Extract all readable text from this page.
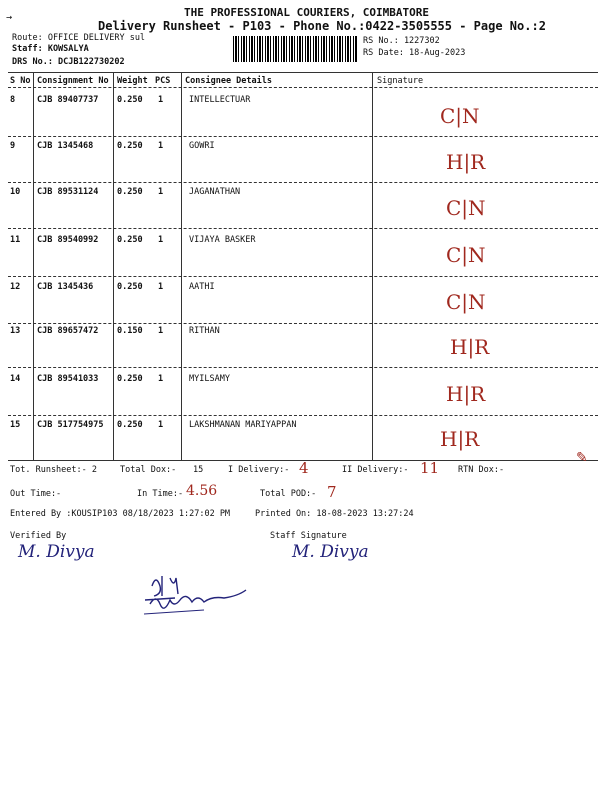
→	THE PROFESSIONAL COURIERS, COIMBATORE
Delivery Runsheet - P103 - Phone No.:0422-3505555 - Page No.:2
Route: OFFICE DELIVERY sul
Staff: KOWSALYA
DRS No.: DCJB122730202
RS No.: 1227302
RS Date: 18-Aug-2023
S No Consignment No Weight PCS Consignee Details	Signature
8	CJB 89407737 0.250 1	INTELLECTUAR
C|N
9	CJB 1345468	0.250 1	GOWRI
H|R
10 CJB 89531124 0.250 1	JAGANATHAN
C|N
11 CJB 89540992 0.250 1	VIJAYA BASKER
C|N
12 CJB 1345436	0.250 1	AATHI
C|N
13 CJB 89657472 0.150 1	RITHAN
H|R
14 CJB 89541033 0.250 1	MYILSAMY
H|R
15 CJB 517754975 0.250 1	LAKSHMANAN MARIYAPPAN
H|R
Tot. Runsheet:- 2	Total Dox:- 15	I Delivery:- 4	II Delivery:- 11 RTN Dox:-
✎
Out Time:-	In Time:- 4.56	Total POD:- 7
Entered By :KOUSIP103 08/18/2023 1:27:02 PM	Printed On: 18-08-2023 13:27:24
Verified By	Staff Signature
M. Divya	M. Divya
